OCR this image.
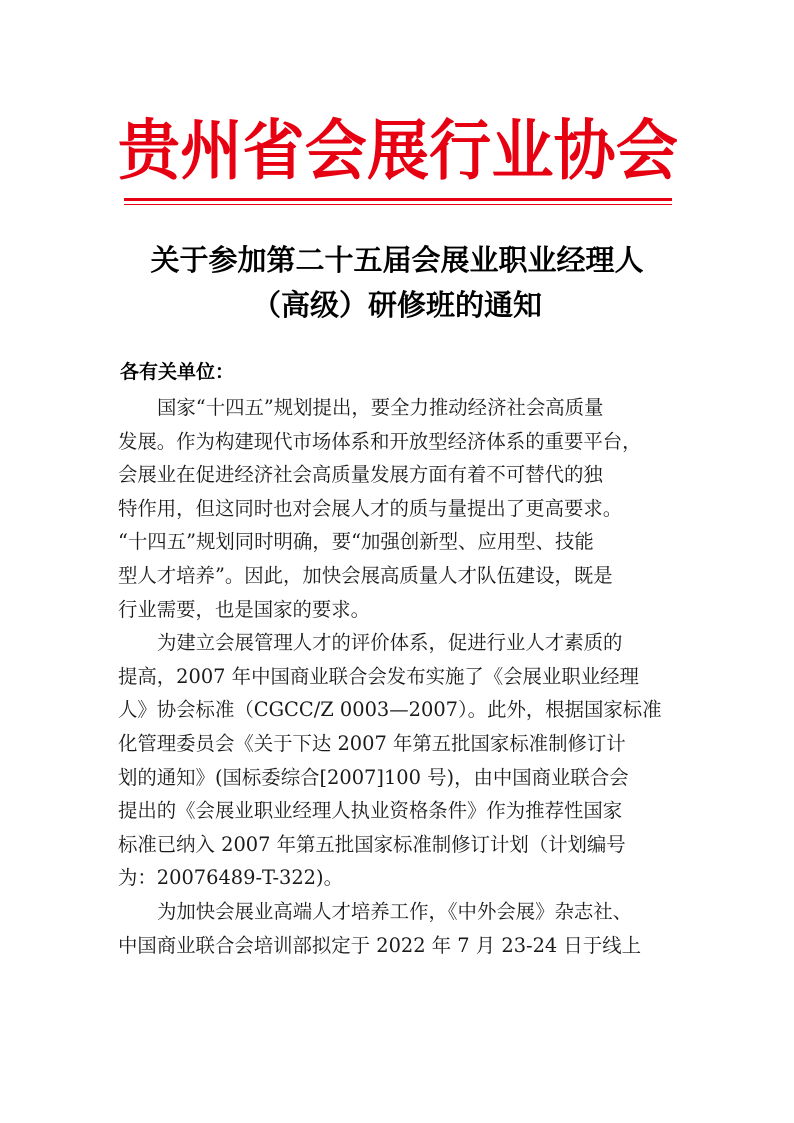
贵 州 省 会 展 行 业 协 会
关于参加第二十五届会展业职业经理人
（高级）研修班的通知
各有关单位：
国家“十四五”规划提出，要全力推动经济社会高质量
发展。作为构建现代市场体系和开放型经济体系的重要平台，
会展业在促进经济社会高质量发展方面有着不可替代的独
特作用，但这同时也对会展人才的质与量提出了更高要求。
“十四五”规划同时明确，要“加强创新型、应用型、技能
型人才培养”。因此，加快会展高质量人才队伍建设，既是
行业需要，也是国家的要求。
为建立会展管理人才的评价体系，促进行业人才素质的
提高，2007 年中国商业联合会发布实施了《会展业职业经理
人》协会标准（CGCC/Z 0003—2007）。此外，根据国家标准
化管理委员会《关于下达 2007 年第五批国家标准制修订计
划的通知》(国标委综合[2007]100 号)，由中国商业联合会
提出的《会展业职业经理人执业资格条件》作为推荐性国家
标准已纳入 2007 年第五批国家标准制修订计划（计划编号
为：20076489-T-322)。
为加快会展业高端人才培养工作，《中外会展》杂志社、
中国商业联合会培训部拟定于 2022 年 7 月 23-24 日于线上
